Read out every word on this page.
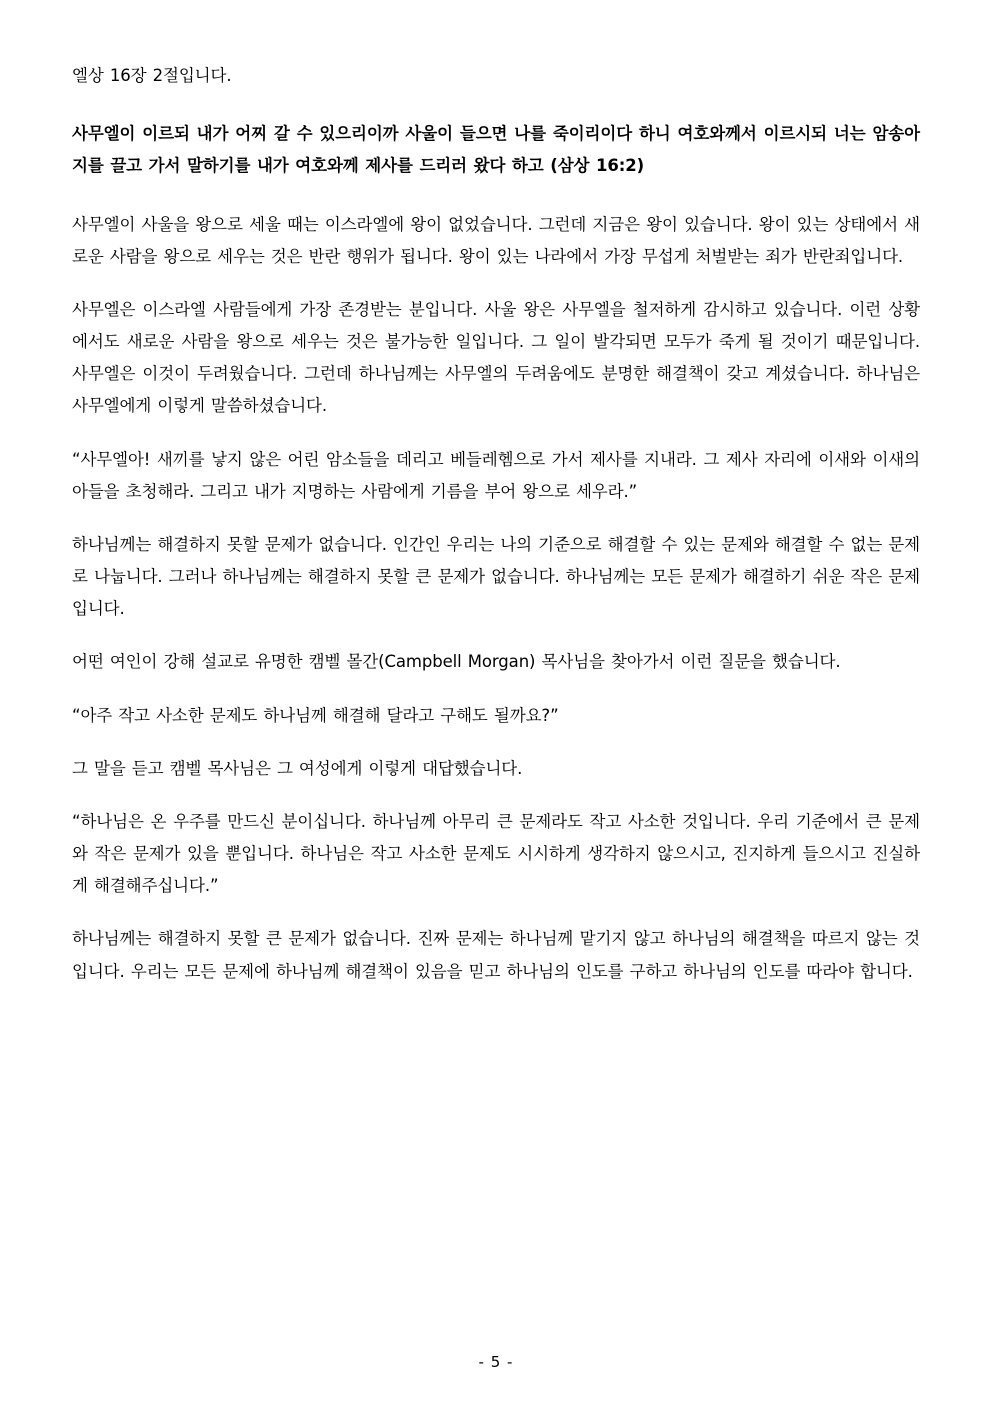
엘상 16장 2절입니다.

사무엘이 이르되 내가 어찌 갈 수 있으리이까 사울이 들으면 나를 죽이리이다 하니 여호와께서 이르시되 너는 암송아지를 끌고 가서 말하기를 내가 여호와께 제사를 드리러 왔다 하고 (삼상 16:2)

사무엘이 사울을 왕으로 세울 때는 이스라엘에 왕이 없었습니다. 그런데 지금은 왕이 있습니다. 왕이 있는 상태에서 새로운 사람을 왕으로 세우는 것은 반란 행위가 됩니다. 왕이 있는 나라에서 가장 무섭게 처벌받는 죄가 반란죄입니다.

사무엘은 이스라엘 사람들에게 가장 존경받는 분입니다. 사울 왕은 사무엘을 철저하게 감시하고 있습니다. 이런 상황에서도 새로운 사람을 왕으로 세우는 것은 불가능한 일입니다. 그 일이 발각되면 모두가 죽게 될 것이기 때문입니다. 사무엘은 이것이 두려웠습니다. 그런데 하나님께는 사무엘의 두려움에도 분명한 해결책이 갖고 계셨습니다. 하나님은 사무엘에게 이렇게 말씀하셨습니다.

“사무엘아! 새끼를 낳지 않은 어린 암소들을 데리고 베들레헴으로 가서 제사를 지내라. 그 제사 자리에 이새와 이새의 아들을 초청해라. 그리고 내가 지명하는 사람에게 기름을 부어 왕으로 세우라.”

하나님께는 해결하지 못할 문제가 없습니다. 인간인 우리는 나의 기준으로 해결할 수 있는 문제와 해결할 수 없는 문제로 나눕니다. 그러나 하나님께는 해결하지 못할 큰 문제가 없습니다. 하나님께는 모든 문제가 해결하기 쉬운 작은 문제입니다.

어떤 여인이 강해 설교로 유명한 캠벨 몰간(Campbell Morgan) 목사님을 찾아가서 이런 질문을 했습니다.

“아주 작고 사소한 문제도 하나님께 해결해 달라고 구해도 될까요?”

그 말을 듣고 캠벨 목사님은 그 여성에게 이렇게 대답했습니다.

“하나님은 온 우주를 만드신 분이십니다. 하나님께 아무리 큰 문제라도 작고 사소한 것입니다. 우리 기준에서 큰 문제와 작은 문제가 있을 뿐입니다. 하나님은 작고 사소한 문제도 시시하게 생각하지 않으시고, 진지하게 들으시고 진실하게 해결해주십니다.”

하나님께는 해결하지 못할 큰 문제가 없습니다. 진짜 문제는 하나님께 맡기지 않고 하나님의 해결책을 따르지 않는 것입니다. 우리는 모든 문제에 하나님께 해결책이 있음을 믿고 하나님의 인도를 구하고 하나님의 인도를 따라야 합니다.

- 5 -
